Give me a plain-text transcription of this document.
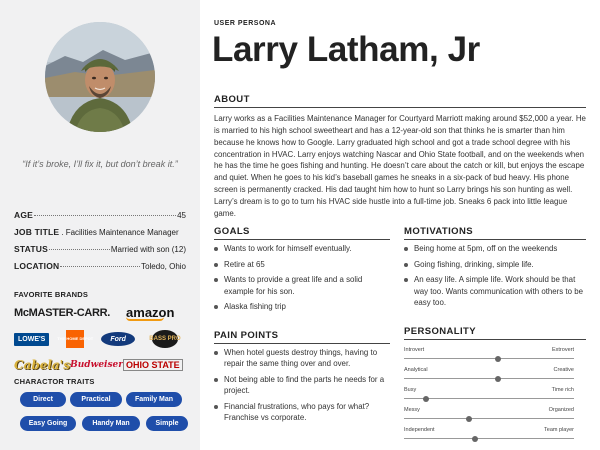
“If it’s broke, I’ll fix it, but don’t break it.”
AGE	45
JOB TITLE . Facilities Maintenance Manager
STATUS	Married with son (12)
LOCATION	Toledo, Ohio
FAVORITE BRANDS
McMASTER-CARR. amazon
LOWE'S	THE HOME DEPOT	Ford	BASS PRO
Cabela's Budweiser OHIO STATE
CHARACTOR TRAITS
Direct	Practical	Family Man
Easy Going	Handy Man	Simple
USER PERSONA
Larry Latham, Jr
ABOUT
Larry works as a Facilities Maintenance Manager for Courtyard Marriott making around $52,000 a year. He is married to his high school sweetheart and has a 12-year-old son that thinks he is smarter than him because he knows how to Google. Larry graduated high school and got a trade school degree with his concentration in HVAC. Larry enjoys watching Nascar and Ohio State football, and on the weekends when he has the time he goes fishing and hunting. He doesn’t care about the catch or kill, but enjoys the escape and quiet. When he goes to his kid’s baseball games he sneaks in a six-pack of bud heavy. His phone screen is permanently cracked. His dad taught him how to hunt so Larry brings his son hunting as well. Larry’s dream is to go to turn his HVAC side hustle into a full-time job. Sneaks 6 pack into little league game.
GOALS
Wants to work for himself eventually.
Retire at 65
Wants to provide a great life and a solid example for his son.
Alaska fishing trip
MOTIVATIONS
Being home at 5pm, off on the weekends
Going fishing, drinking, simple life.
An easy life. A simple life. Work should be that way too. Wants communication with others to be easy too.
PAIN POINTS
When hotel guests destroy things, having to repair the same thing over and over.
Not being able to find the parts he needs for a project.
Financial frustrations, who pays for what? Franchise vs corporate.
PERSONALITY
Introvert	Extrovert
Analytical	Creative
Busy	Time rich
Messy	Organized
Independent	Team player
